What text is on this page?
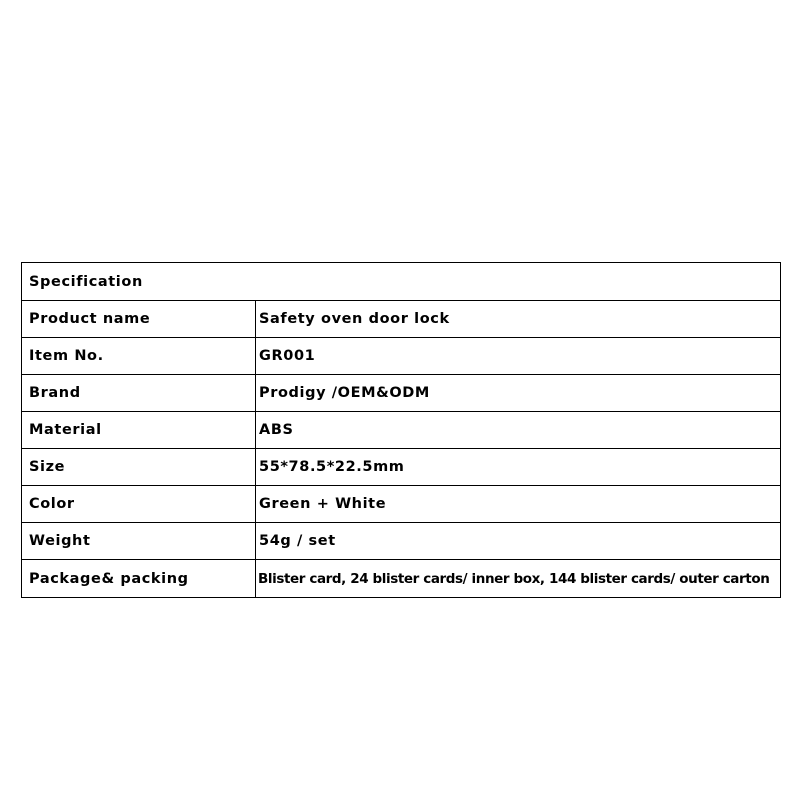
Specification	
Product name	Safety oven door lock
Item No.	GR001
Brand	Prodigy /OEM&ODM
Material	ABS
Size	55*78.5*22.5mm
Color	Green + White
Weight	54g / set
Package& packing	Blister card, 24 blister cards/ inner box, 144 blister cards/ outer carton
